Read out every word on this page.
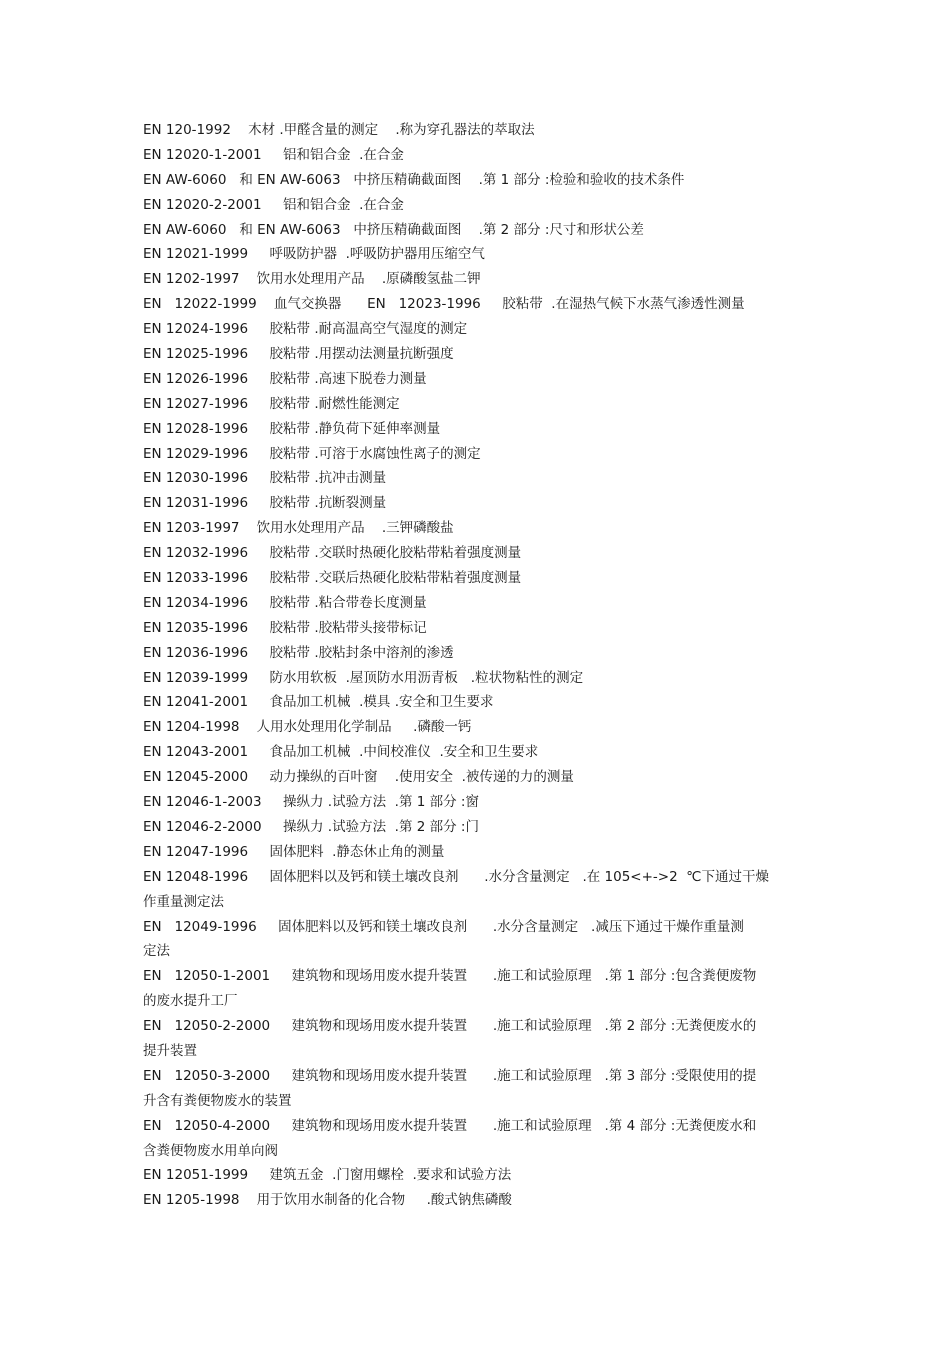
EN 120-1992    木材 .甲醛含量的测定    .称为穿孔器法的萃取法
EN 12020-1-2001     铝和铝合金  .在合金
EN AW-6060   和 EN AW-6063   中挤压精确截面图    .第 1 部分 :检验和验收的技术条件
EN 12020-2-2001     铝和铝合金  .在合金
EN AW-6060   和 EN AW-6063   中挤压精确截面图    .第 2 部分 :尺寸和形状公差
EN 12021-1999     呼吸防护器  .呼吸防护器用压缩空气
EN 1202-1997    饮用水处理用产品    .原磷酸氢盐二钾
EN   12022-1999    血气交换器      EN   12023-1996     胶粘带  .在湿热气候下水蒸气渗透性测量
EN 12024-1996     胶粘带 .耐高温高空气湿度的测定
EN 12025-1996     胶粘带 .用摆动法测量抗断强度
EN 12026-1996     胶粘带 .高速下脱卷力测量
EN 12027-1996     胶粘带 .耐燃性能测定
EN 12028-1996     胶粘带 .静负荷下延伸率测量
EN 12029-1996     胶粘带 .可溶于水腐蚀性离子的测定
EN 12030-1996     胶粘带 .抗冲击测量
EN 12031-1996     胶粘带 .抗断裂测量
EN 1203-1997    饮用水处理用产品    .三钾磷酸盐
EN 12032-1996     胶粘带 .交联时热硬化胶粘带粘着强度测量
EN 12033-1996     胶粘带 .交联后热硬化胶粘带粘着强度测量
EN 12034-1996     胶粘带 .粘合带卷长度测量
EN 12035-1996     胶粘带 .胶粘带头接带标记
EN 12036-1996     胶粘带 .胶粘封条中溶剂的渗透
EN 12039-1999     防水用软板  .屋顶防水用沥青板   .粒状物粘性的测定
EN 12041-2001     食品加工机械  .模具 .安全和卫生要求
EN 1204-1998    人用水处理用化学制品     .磷酸一钙
EN 12043-2001     食品加工机械  .中间校准仪  .安全和卫生要求
EN 12045-2000     动力操纵的百叶窗    .使用安全  .被传递的力的测量
EN 12046-1-2003     操纵力 .试验方法  .第 1 部分 :窗
EN 12046-2-2000     操纵力 .试验方法  .第 2 部分 :门
EN 12047-1996     固体肥料  .静态休止角的测量
EN 12048-1996     固体肥料以及钙和镁土壤改良剂      .水分含量测定   .在 105<+->2  ℃下通过干燥
作重量测定法
EN   12049-1996     固体肥料以及钙和镁土壤改良剂      .水分含量测定   .减压下通过干燥作重量测
定法
EN   12050-1-2001     建筑物和现场用废水提升装置      .施工和试验原理   .第 1 部分 :包含粪便废物
的废水提升工厂
EN   12050-2-2000     建筑物和现场用废水提升装置      .施工和试验原理   .第 2 部分 :无粪便废水的
提升装置
EN   12050-3-2000     建筑物和现场用废水提升装置      .施工和试验原理   .第 3 部分 :受限使用的提
升含有粪便物废水的装置
EN   12050-4-2000     建筑物和现场用废水提升装置      .施工和试验原理   .第 4 部分 :无粪便废水和
含粪便物废水用单向阀
EN 12051-1999     建筑五金  .门窗用螺栓  .要求和试验方法
EN 1205-1998    用于饮用水制备的化合物     .酸式钠焦磷酸
